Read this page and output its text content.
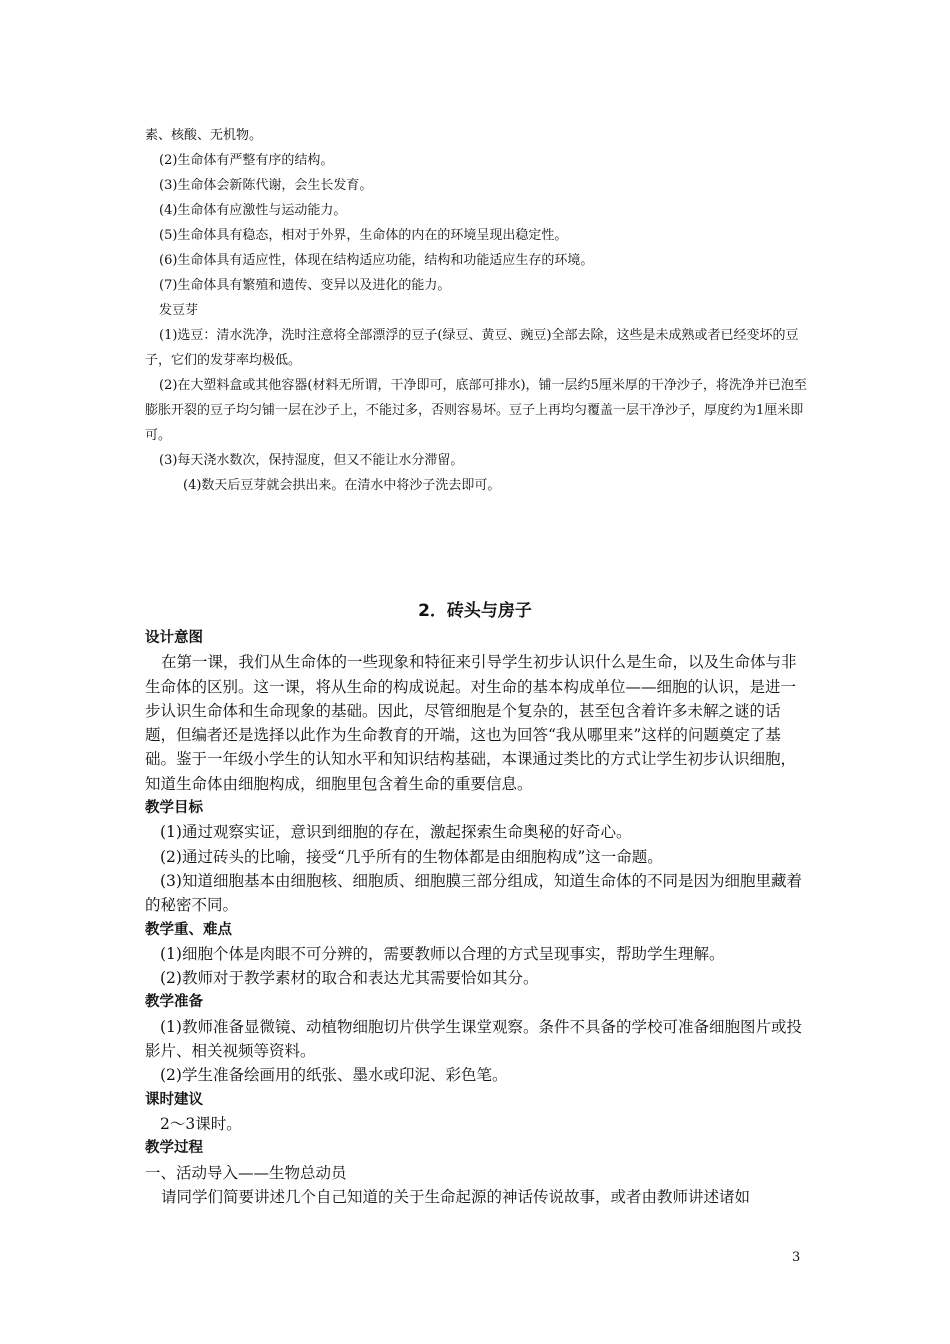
素、核酸、无机物。

(2)生命体有严整有序的结构。

(3)生命体会新陈代谢，会生长发育。

(4)生命体有应激性与运动能力。

(5)生命体具有稳态，相对于外界，生命体的内在的环境呈现出稳定性。

(6)生命体具有适应性，体现在结构适应功能，结构和功能适应生存的环境。

(7)生命体具有繁殖和遗传、变异以及进化的能力。

发豆芽

(1)选豆：清水洗净，洗时注意将全部漂浮的豆子(绿豆、黄豆、豌豆)全部去除，这些是未成熟或者已经变坏的豆子，它们的发芽率均极低。

(2)在大塑料盒或其他容器(材料无所谓，干净即可，底部可排水)，铺一层约5厘米厚的干净沙子，将洗净并已泡至膨胀开裂的豆子均匀铺一层在沙子上，不能过多，否则容易坏。豆子上再均匀覆盖一层干净沙子，厚度约为1厘米即可。

(3)每天浇水数次，保持湿度，但又不能让水分滞留。

(4)数天后豆芽就会拱出来。在清水中将沙子洗去即可。

2．砖头与房子

设计意图

在第一课，我们从生命体的一些现象和特征来引导学生初步认识什么是生命，以及生命体与非生命体的区别。这一课，将从生命的构成说起。对生命的基本构成单位——细胞的认识，是进一步认识生命体和生命现象的基础。因此，尽管细胞是个复杂的，甚至包含着许多未解之谜的话题，但编者还是选择以此作为生命教育的开端，这也为回答“我从哪里来”这样的问题奠定了基础。鉴于一年级小学生的认知水平和知识结构基础，本课通过类比的方式让学生初步认识细胞，知道生命体由细胞构成，细胞里包含着生命的重要信息。

教学目标

(1)通过观察实证，意识到细胞的存在，激起探索生命奥秘的好奇心。

(2)通过砖头的比喻，接受“几乎所有的生物体都是由细胞构成”这一命题。

(3)知道细胞基本由细胞核、细胞质、细胞膜三部分组成，知道生命体的不同是因为细胞里藏着的秘密不同。

教学重、难点

(1)细胞个体是肉眼不可分辨的，需要教师以合理的方式呈现事实，帮助学生理解。

(2)教师对于教学素材的取合和表达尤其需要恰如其分。

教学准备

(1)教师准备显微镜、动植物细胞切片供学生课堂观察。条件不具备的学校可准备细胞图片或投影片、相关视频等资料。

(2)学生准备绘画用的纸张、墨水或印泥、彩色笔。

课时建议

2～3课时。

教学过程

一、活动导入——生物总动员

请同学们简要讲述几个自己知道的关于生命起源的神话传说故事，或者由教师讲述诸如

3
